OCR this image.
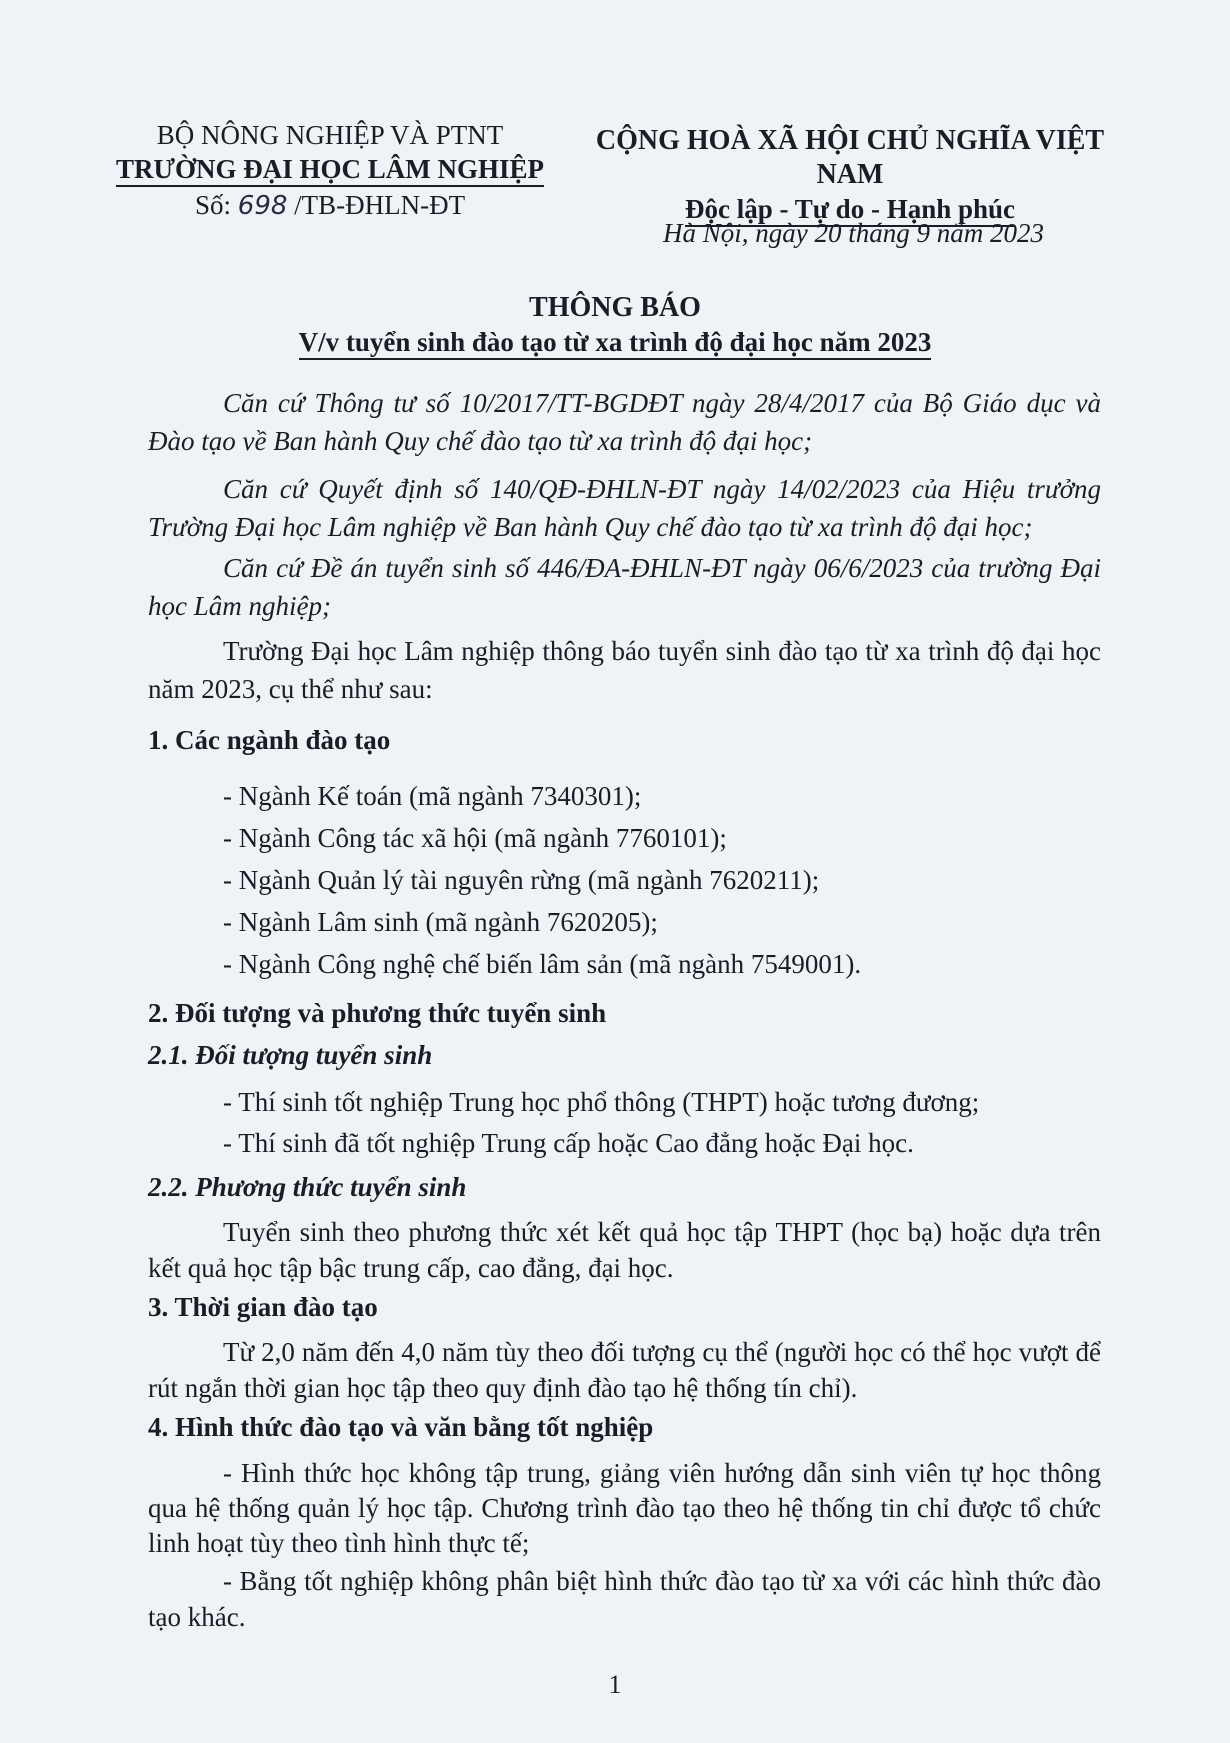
BỘ NÔNG NGHIỆP VÀ PTNT
TRƯỜNG ĐẠI HỌC LÂM NGHIỆP
Số: 698 /TB-ĐHLN-ĐT
CỘNG HOÀ XÃ HỘI CHỦ NGHĨA VIỆT NAM
Độc lập - Tự do - Hạnh phúc
Hà Nội, ngày 20 tháng 9 năm 2023
THÔNG BÁO
V/v tuyển sinh đào tạo từ xa trình độ đại học năm 2023
Căn cứ Thông tư số 10/2017/TT-BGDĐT ngày 28/4/2017 của Bộ Giáo dục và
Đào tạo về Ban hành Quy chế đào tạo từ xa trình độ đại học;
Căn cứ Quyết định số 140/QĐ-ĐHLN-ĐT ngày 14/02/2023 của Hiệu trưởng
Trường Đại học Lâm nghiệp về Ban hành Quy chế đào tạo từ xa trình độ đại học;
Căn cứ Đề án tuyển sinh số 446/ĐA-ĐHLN-ĐT ngày 06/6/2023 của trường Đại
học Lâm nghiệp;
Trường Đại học Lâm nghiệp thông báo tuyển sinh đào tạo từ xa trình độ đại học
năm 2023, cụ thể như sau:
1. Các ngành đào tạo
- Ngành Kế toán (mã ngành 7340301);
- Ngành Công tác xã hội (mã ngành 7760101);
- Ngành Quản lý tài nguyên rừng (mã ngành 7620211);
- Ngành Lâm sinh (mã ngành 7620205);
- Ngành Công nghệ chế biến lâm sản (mã ngành 7549001).
2. Đối tượng và phương thức tuyển sinh
2.1. Đối tượng tuyển sinh
- Thí sinh tốt nghiệp Trung học phổ thông (THPT) hoặc tương đương;
- Thí sinh đã tốt nghiệp Trung cấp hoặc Cao đẳng hoặc Đại học.
2.2. Phương thức tuyển sinh
Tuyển sinh theo phương thức xét kết quả học tập THPT (học bạ) hoặc dựa trên
kết quả học tập bậc trung cấp, cao đẳng, đại học.
3. Thời gian đào tạo
Từ 2,0 năm đến 4,0 năm tùy theo đối tượng cụ thể (người học có thể học vượt để
rút ngắn thời gian học tập theo quy định đào tạo hệ thống tín chỉ).
4. Hình thức đào tạo và văn bằng tốt nghiệp
- Hình thức học không tập trung, giảng viên hướng dẫn sinh viên tự học thông
qua hệ thống quản lý học tập. Chương trình đào tạo theo hệ thống tin chỉ được tổ chức
linh hoạt tùy theo tình hình thực tế;
- Bằng tốt nghiệp không phân biệt hình thức đào tạo từ xa với các hình thức đào
tạo khác.
1
